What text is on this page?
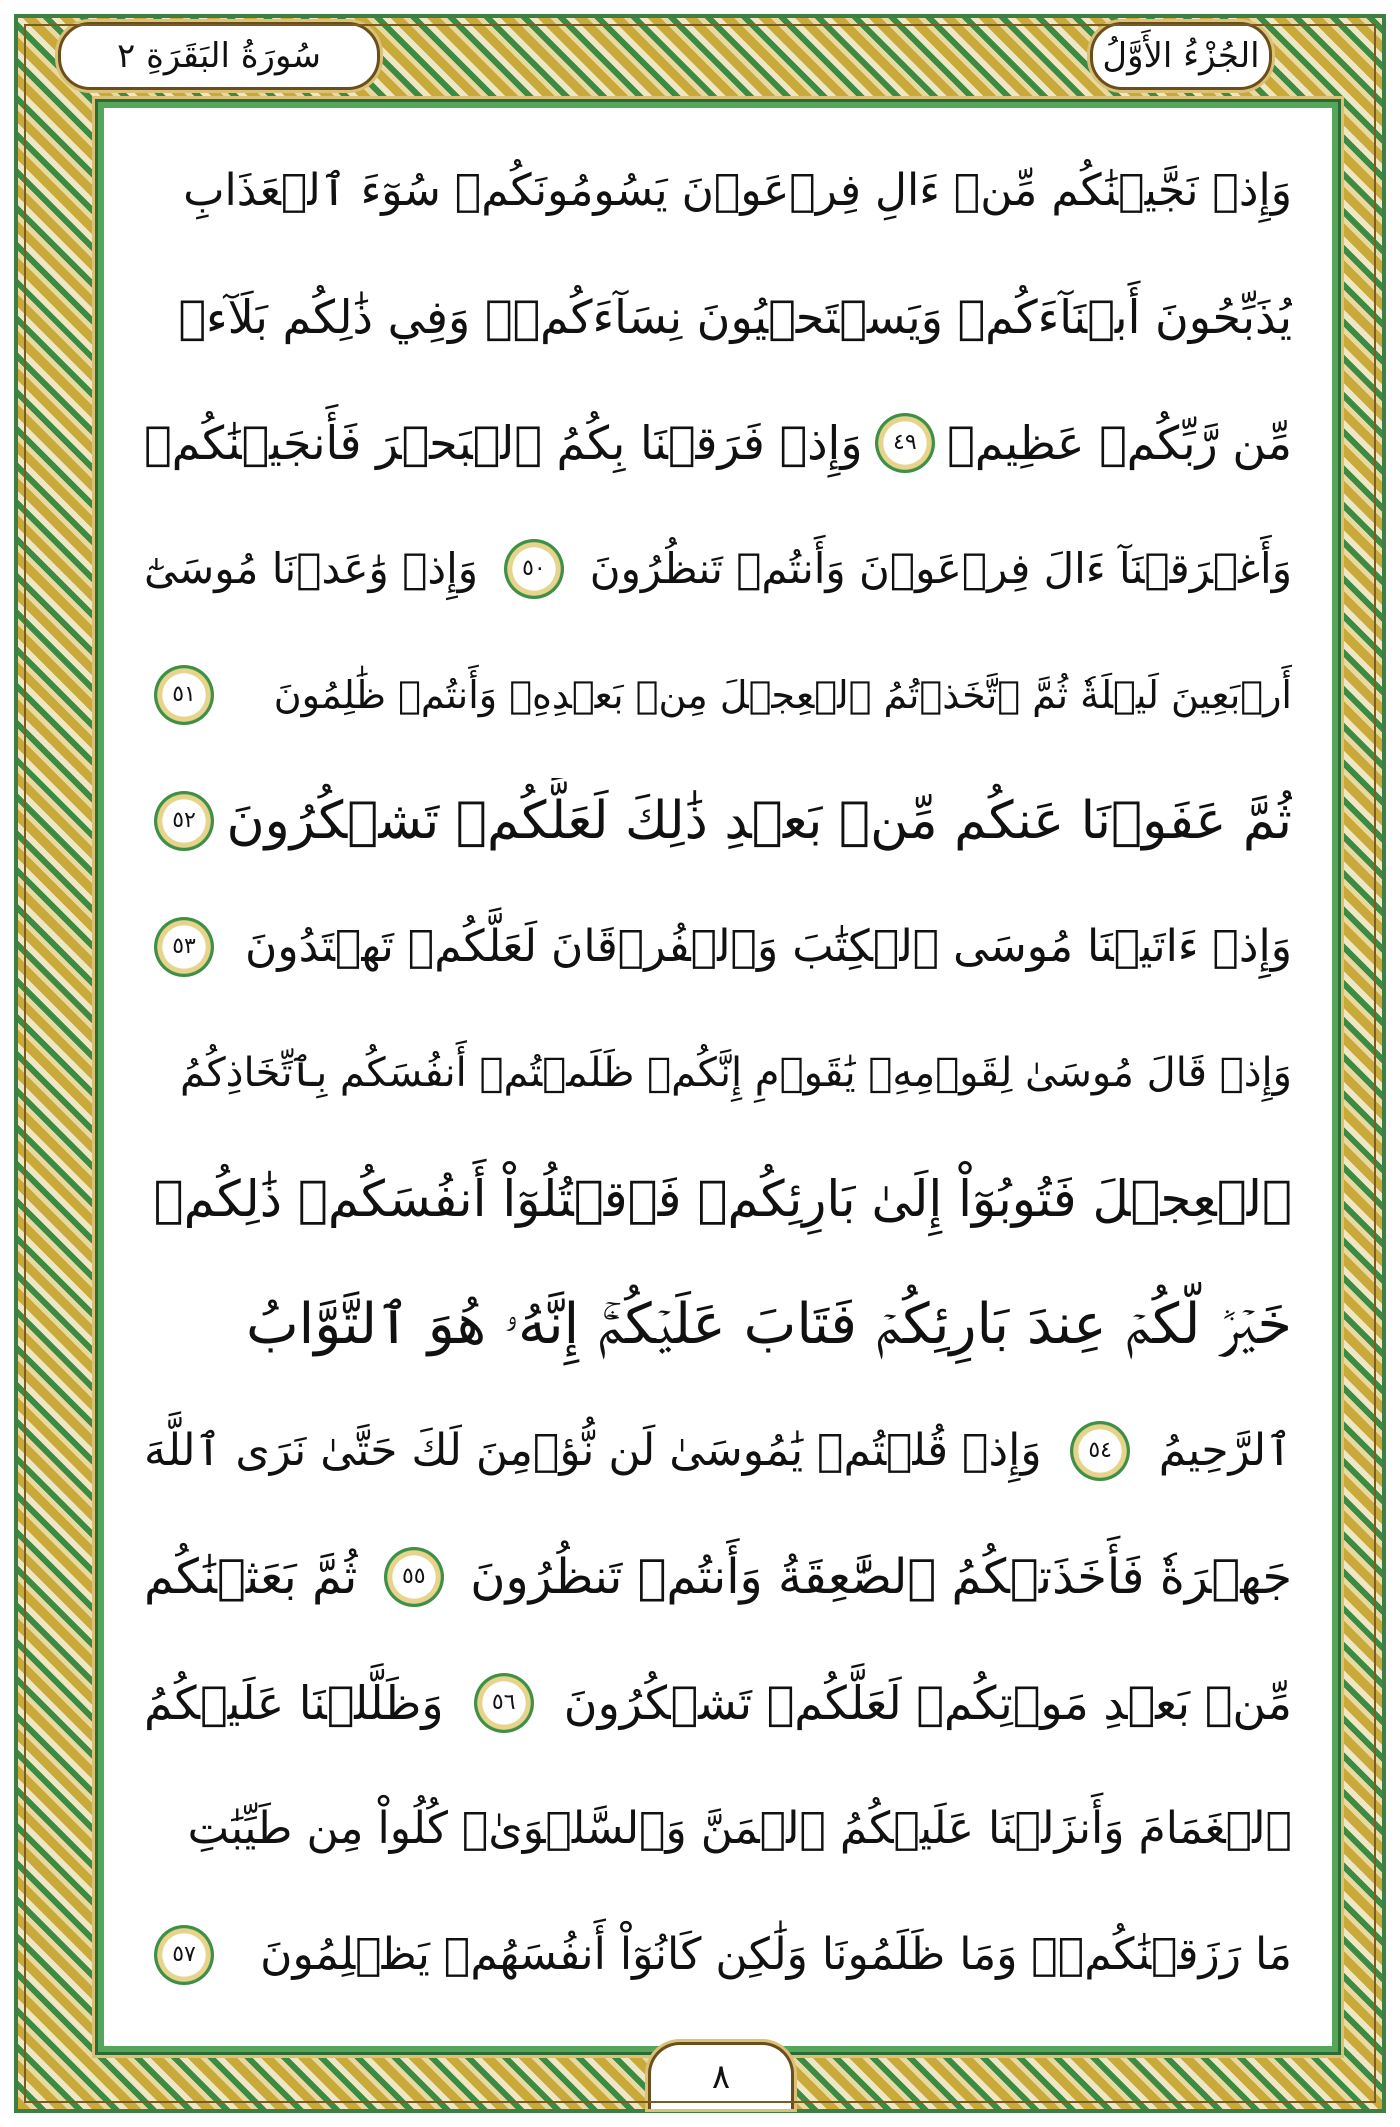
الجُزْءُ الأَوَّلُ
سُورَةُ البَقَرَةِ ٢
وَإِذۡ نَجَّيۡنَٰكُم مِّنۡ ءَالِ فِرۡعَوۡنَ يَسُومُونَكُمۡ سُوٓءَ ٱلۡعَذَابِ
يُذَبِّحُونَ أَبۡنَآءَكُمۡ وَيَسۡتَحۡيُونَ نِسَآءَكُمۡۚ وَفِي ذَٰلِكُم بَلَآءٞ
مِّن رَّبِّكُمۡ عَظِيمٞ
٤٩
وَإِذۡ فَرَقۡنَا بِكُمُ ٱلۡبَحۡرَ فَأَنجَيۡنَٰكُمۡ
وَأَغۡرَقۡنَآ ءَالَ فِرۡعَوۡنَ وَأَنتُمۡ تَنظُرُونَ
٥٠
وَإِذۡ وَٰعَدۡنَا مُوسَىٰٓ
أَرۡبَعِينَ لَيۡلَةٗ ثُمَّ ٱتَّخَذۡتُمُ ٱلۡعِجۡلَ مِنۢ بَعۡدِهِۦ وَأَنتُمۡ ظَٰلِمُونَ
٥١
ثُمَّ عَفَوۡنَا عَنكُم مِّنۢ بَعۡدِ ذَٰلِكَ لَعَلَّكُمۡ تَشۡكُرُونَ
٥٢
وَإِذۡ ءَاتَيۡنَا مُوسَى ٱلۡكِتَٰبَ وَٱلۡفُرۡقَانَ لَعَلَّكُمۡ تَهۡتَدُونَ
٥٣
وَإِذۡ قَالَ مُوسَىٰ لِقَوۡمِهِۦ يَٰقَوۡمِ إِنَّكُمۡ ظَلَمۡتُمۡ أَنفُسَكُم بِٱتِّخَاذِكُمُ
ٱلۡعِجۡلَ فَتُوبُوٓاْ إِلَىٰ بَارِئِكُمۡ فَٱقۡتُلُوٓاْ أَنفُسَكُمۡ ذَٰلِكُمۡ
خَيۡرٞ لَّكُمۡ عِندَ بَارِئِكُمۡ فَتَابَ عَلَيۡكُمۡۚ إِنَّهُۥ هُوَ ٱلتَّوَّابُ
ٱلرَّحِيمُ
٥٤
وَإِذۡ قُلۡتُمۡ يَٰمُوسَىٰ لَن نُّؤۡمِنَ لَكَ حَتَّىٰ نَرَى ٱللَّهَ
جَهۡرَةٗ فَأَخَذَتۡكُمُ ٱلصَّٰعِقَةُ وَأَنتُمۡ تَنظُرُونَ
٥٥
ثُمَّ بَعَثۡنَٰكُم
مِّنۢ بَعۡدِ مَوۡتِكُمۡ لَعَلَّكُمۡ تَشۡكُرُونَ
٥٦
وَظَلَّلۡنَا عَلَيۡكُمُ
ٱلۡغَمَامَ وَأَنزَلۡنَا عَلَيۡكُمُ ٱلۡمَنَّ وَٱلسَّلۡوَىٰۖ كُلُواْ مِن طَيِّبَٰتِ
مَا رَزَقۡنَٰكُمۡۚ وَمَا ظَلَمُونَا وَلَٰكِن كَانُوٓاْ أَنفُسَهُمۡ يَظۡلِمُونَ
٥٧
٨
